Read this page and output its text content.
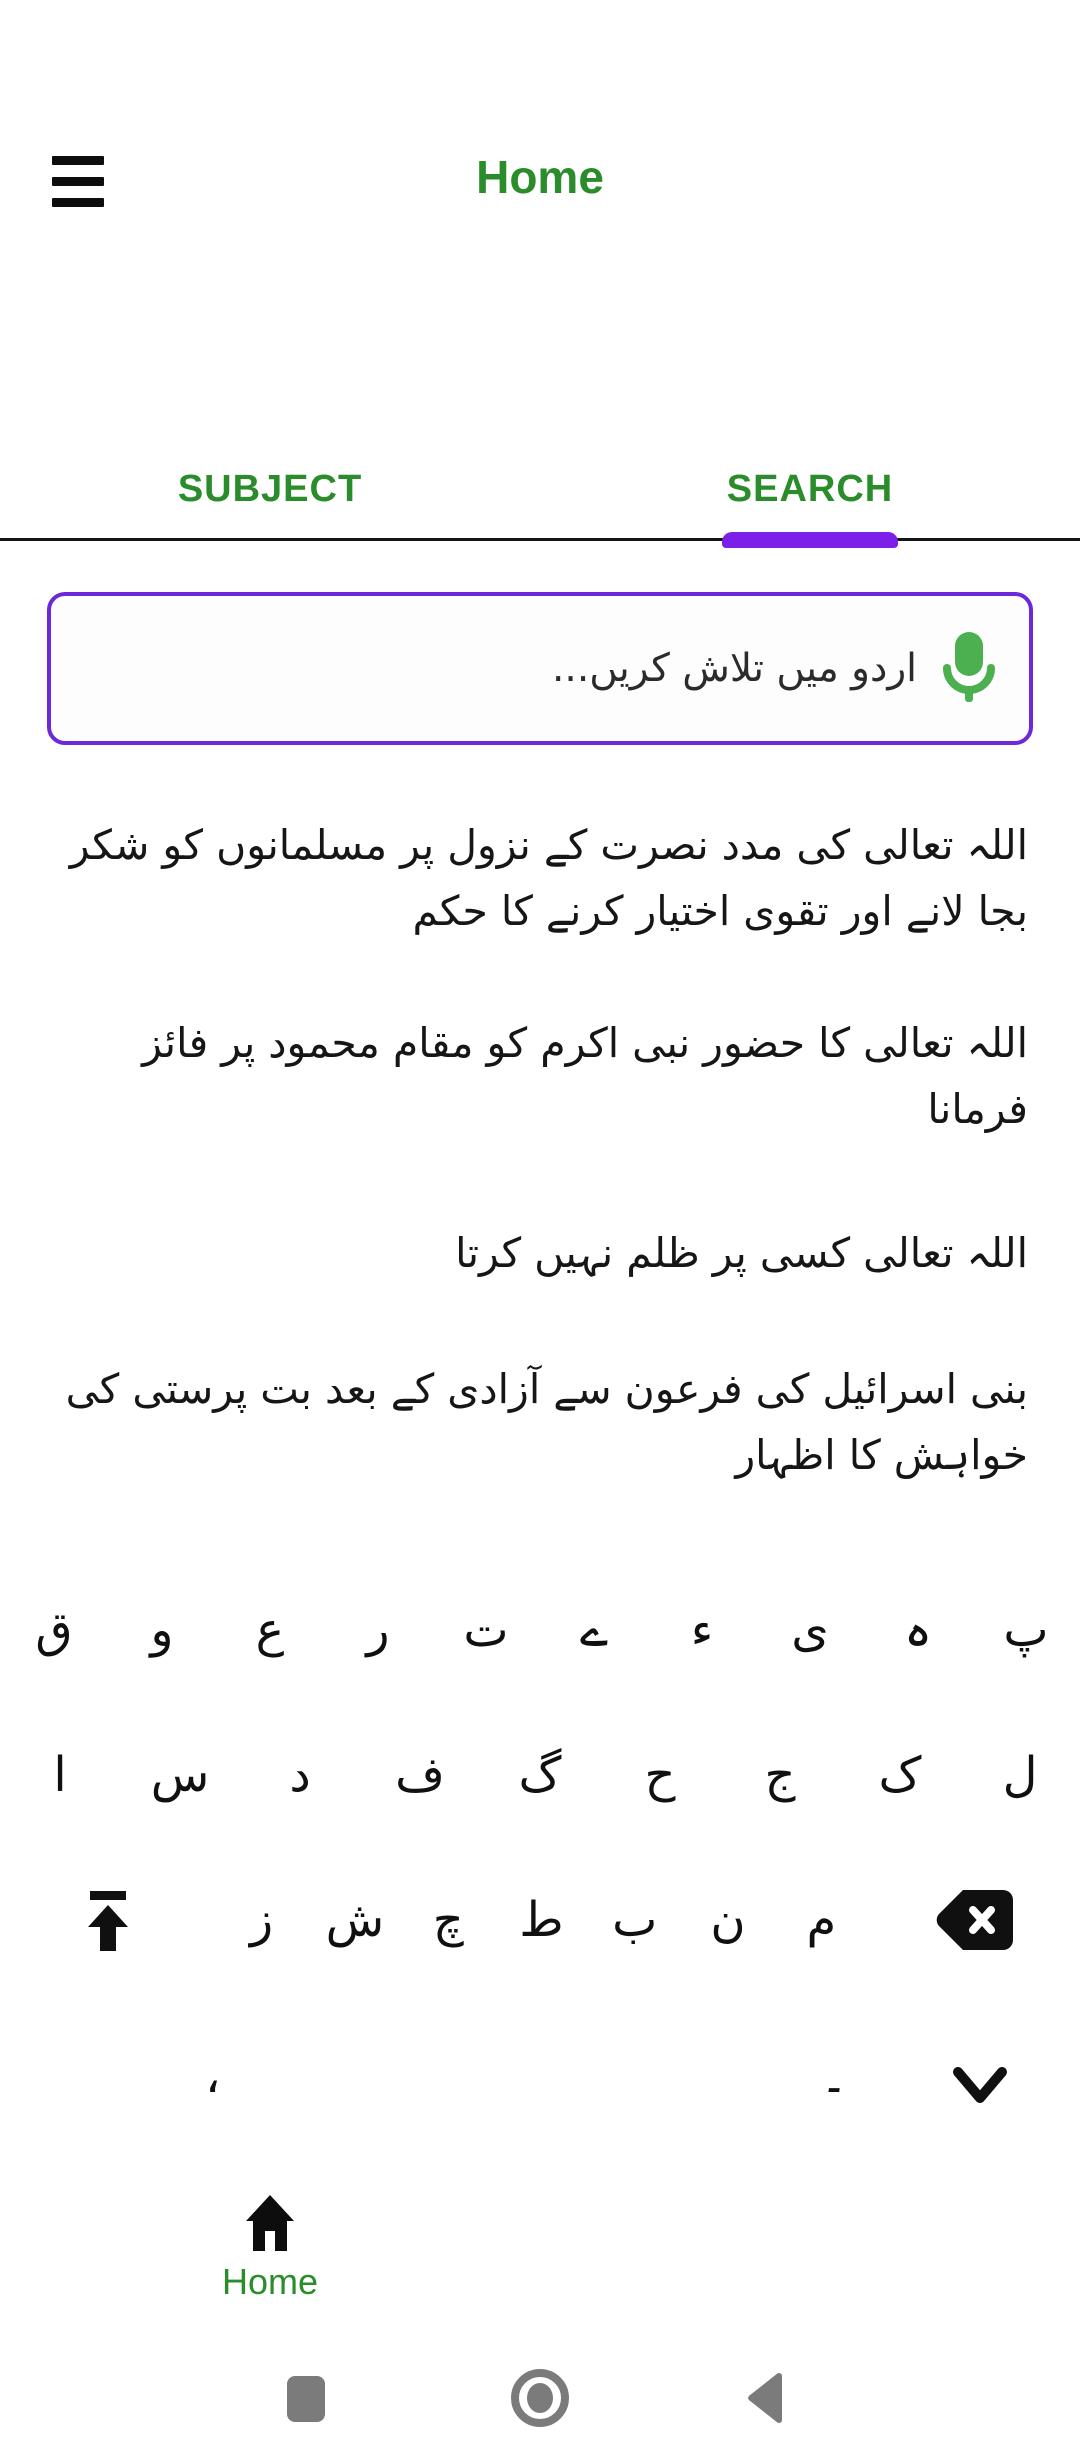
Home
SUBJECT	SEARCH
اردو میں تلاش کریں...
اللہ تعالی کی مدد نصرت کے نزول پر مسلمانوں کو شکر بجا لانے اور تقوی اختیار کرنے کا حکم
اللہ تعالی کا حضور نبی اکرم کو مقام محمود پر فائز فرمانا
اللہ تعالی کسی پر ظلم نہیں کرتا
بنی اسرائیل کی فرعون سے آزادی کے بعد بت پرستی کی خواہش کا اظہار
ق	و	ع	ر	ت	ے	ء	ی	ہ	پ
ا	س	د	ف	گ	ح	ج	ک	ل
ز	ش	چ	ط	ب	ن	م
،	۔
Home
